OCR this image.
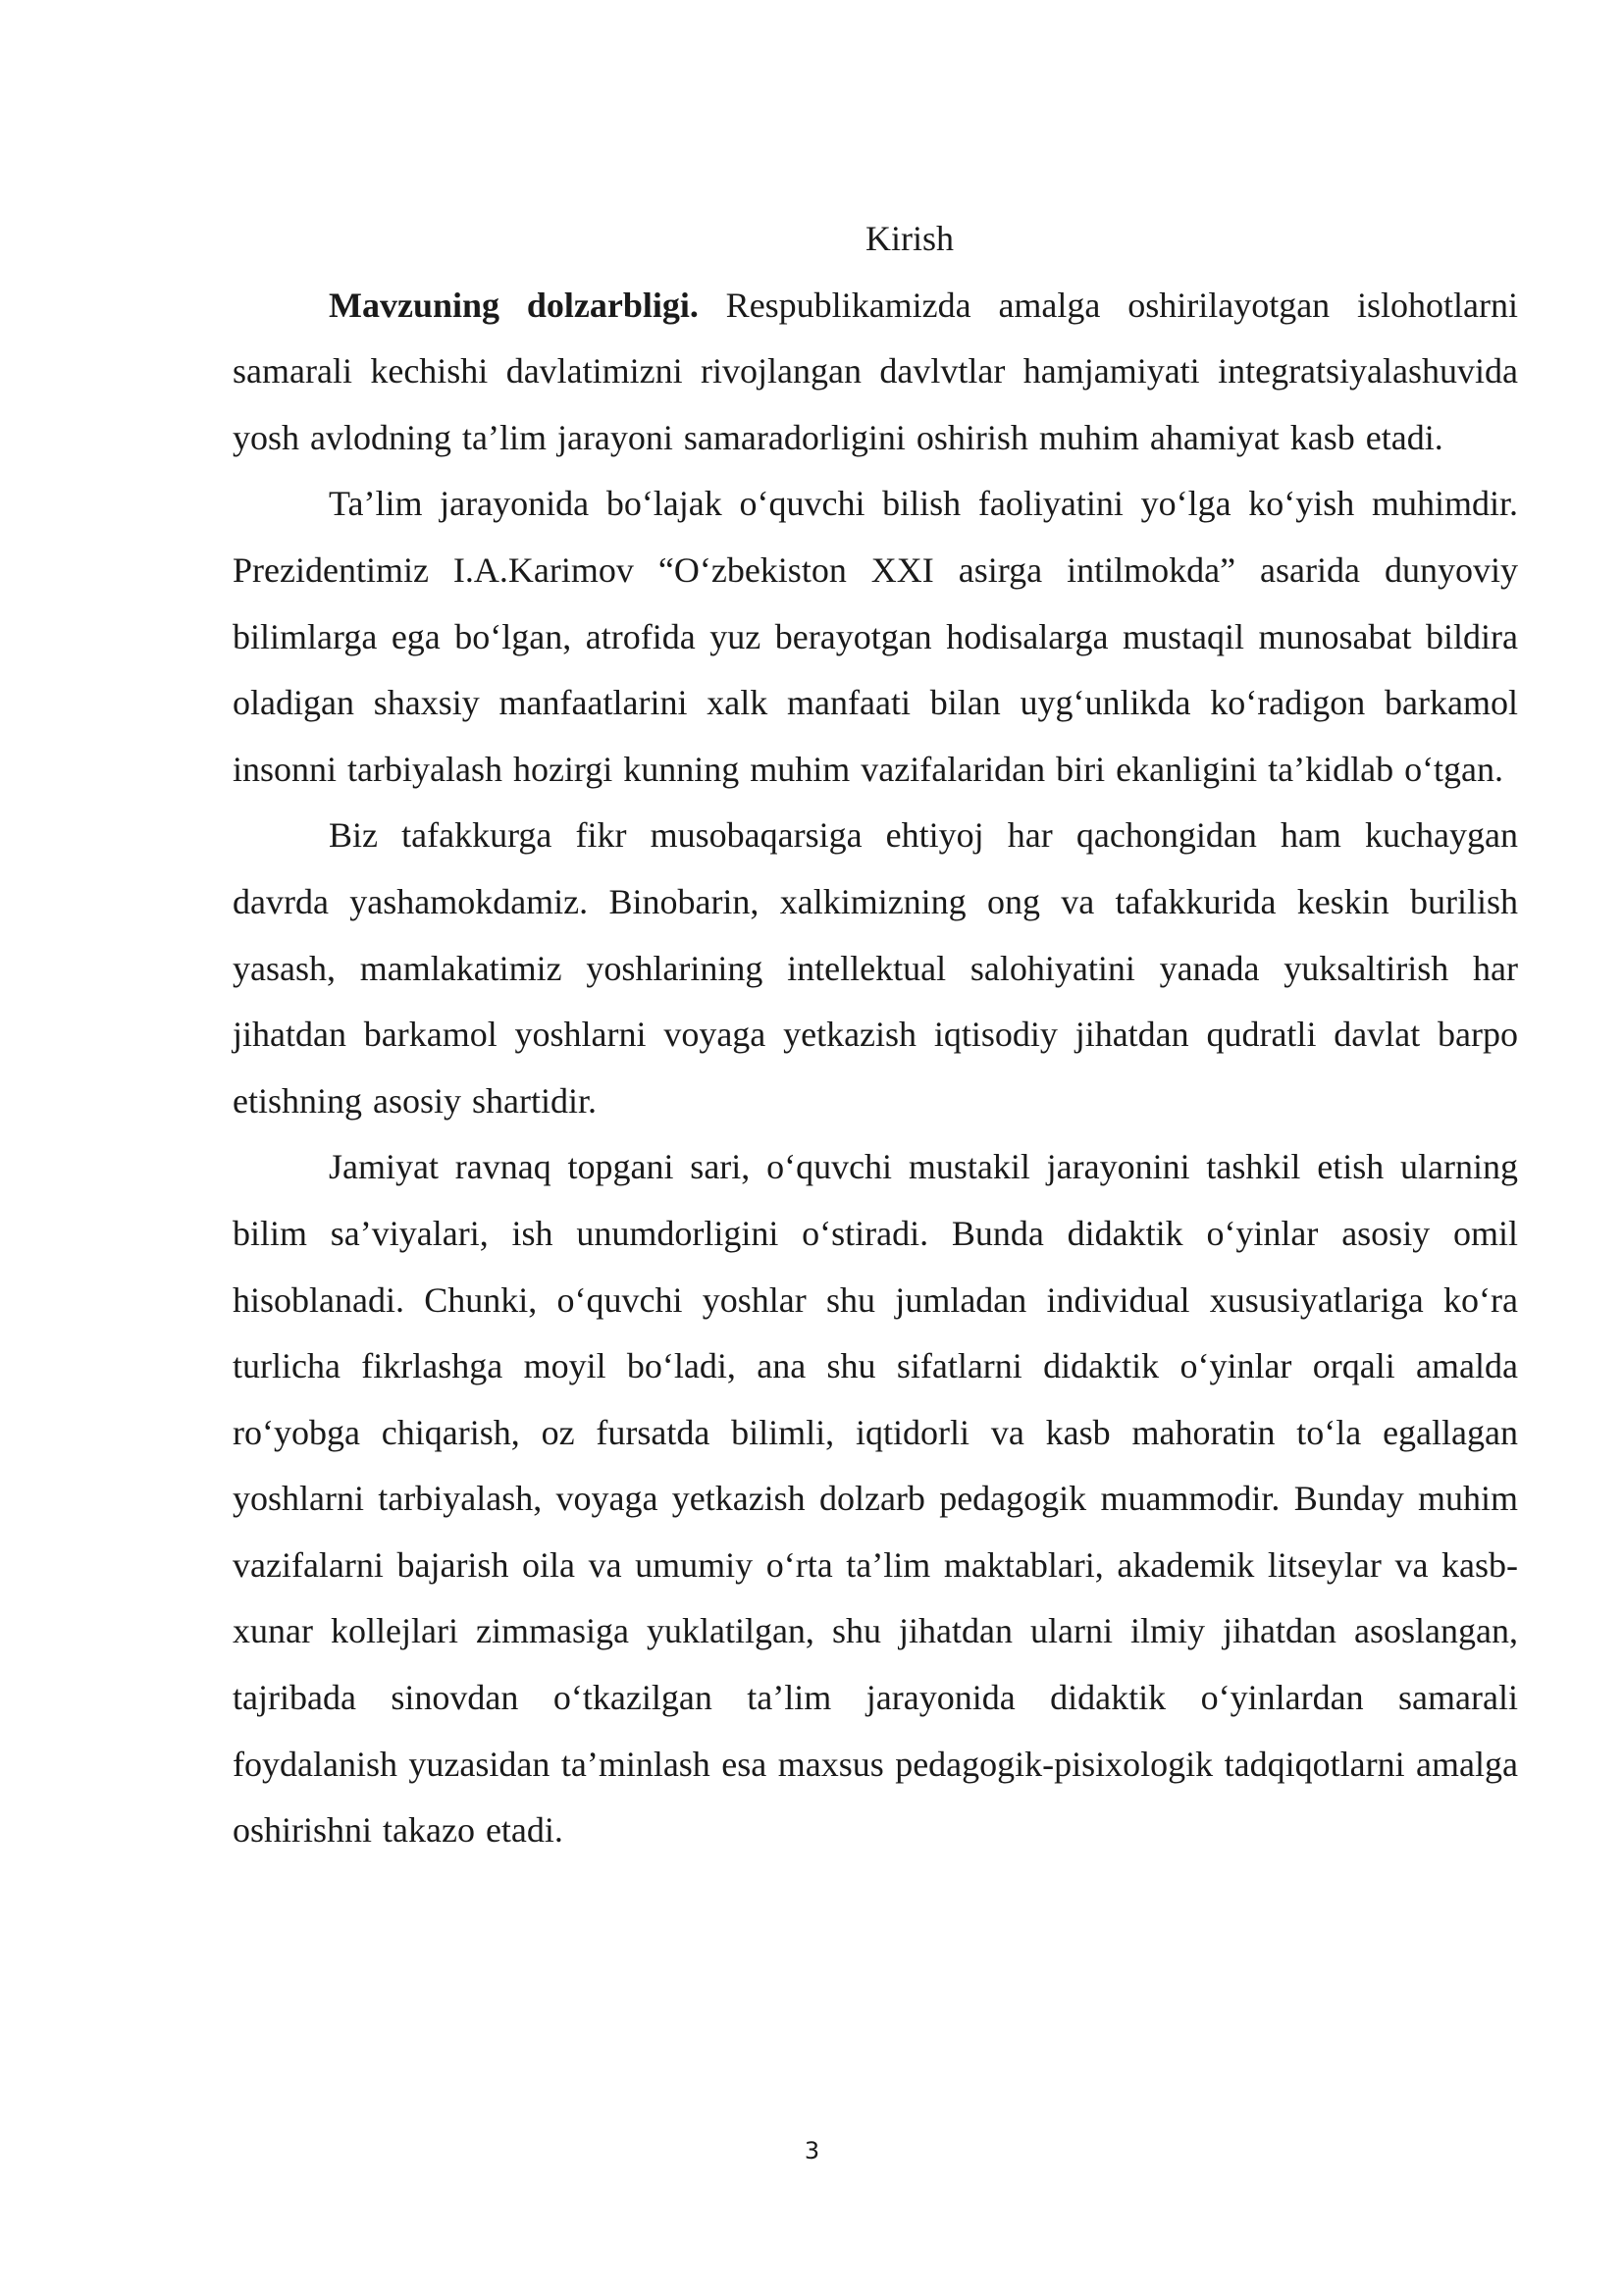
Kirish

Mavzuning dolzarbligi. Respublikamizda amalga oshirilayotgan islohotlarni samarali kechishi davlatimizni rivojlangan davlvtlar hamjamiyati integratsiyalashuvida yosh avlodning ta’lim jarayoni samaradorligini oshirish muhim ahamiyat kasb etadi.

Ta’lim jarayonida bo‘lajak o‘quvchi bilish faoliyatini yo‘lga ko‘yish muhimdir. Prezidentimiz I.A.Karimov “O‘zbekiston XXI asirga intilmokda” asarida dunyoviy bilimlarga ega bo‘lgan, atrofida yuz berayotgan hodisalarga mustaqil munosabat bildira oladigan shaxsiy manfaatlarini xalk manfaati bilan uyg‘unlikda ko‘radigon barkamol insonni tarbiyalash hozirgi kunning muhim vazifalaridan biri ekanligini ta’kidlab o‘tgan.

Biz tafakkurga fikr musobaqarsiga ehtiyoj har qachongidan ham kuchaygan davrda yashamokdamiz. Binobarin, xalkimizning ong va tafakkurida keskin burilish yasash, mamlakatimiz yoshlarining intellektual salohiyatini yanada yuksaltirish har jihatdan barkamol yoshlarni voyaga yetkazish iqtisodiy jihatdan qudratli davlat barpo etishning asosiy shartidir.

Jamiyat ravnaq topgani sari, o‘quvchi mustakil jarayonini tashkil etish ularning bilim sa’viyalari, ish unumdorligini o‘stiradi. Bunda didaktik o‘yinlar asosiy omil hisoblanadi. Chunki, o‘quvchi yoshlar shu jumladan individual xususiyatlariga ko‘ra turlicha fikrlashga moyil bo‘ladi, ana shu sifatlarni didaktik o‘yinlar orqali amalda ro‘yobga chiqarish, oz fursatda bilimli, iqtidorli va kasb mahoratin to‘la egallagan yoshlarni tarbiyalash, voyaga yetkazish dolzarb pedagogik muammodir. Bunday muhim vazifalarni bajarish oila va umumiy o‘rta ta’lim maktablari, akademik litseylar va kasb-xunar kollejlari zimmasiga yuklatilgan, shu jihatdan ularni ilmiy jihatdan asoslangan, tajribada sinovdan o‘tkazilgan ta’lim jarayonida didaktik o‘yinlardan samarali foydalanish yuzasidan ta’minlash esa maxsus pedagogik-pisixologik tadqiqotlarni amalga oshirishni takazo etadi.

3
